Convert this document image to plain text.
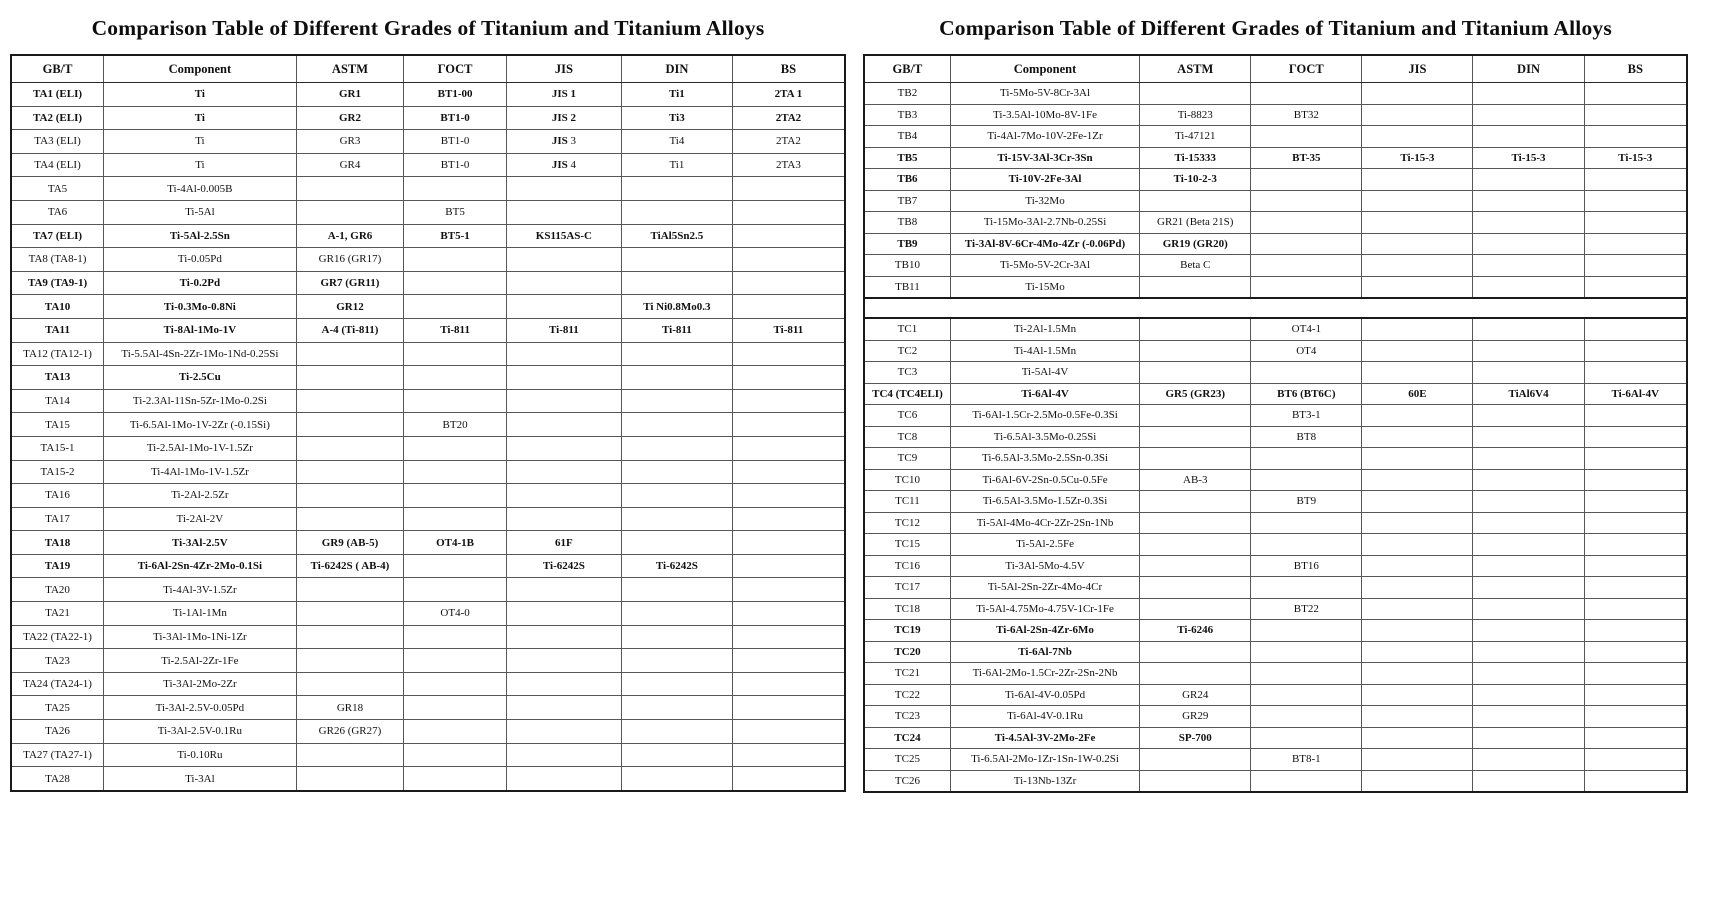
Comparison Table of Different Grades of Titanium and Titanium Alloys
GB/T	Component	ASTM	ГОСТ	JIS	DIN	BS
TA1 (ELI)	Ti	GR1	BT1-00	JIS 1	Ti1	2TA 1
TA2 (ELI)	Ti	GR2	BT1-0	JIS 2	Ti3	2TA2
TA3 (ELI)	Ti	GR3	BT1-0	JIS 3	Ti4	2TA2
TA4 (ELI)	Ti	GR4	BT1-0	JIS 4	Ti1	2TA3
TA5	Ti-4Al-0.005B					
TA6	Ti-5Al		BT5			
TA7 (ELI)	Ti-5Al-2.5Sn	A-1, GR6	BT5-1	KS115AS-C	TiAl5Sn2.5	
TA8 (TA8-1)	Ti-0.05Pd	GR16 (GR17)				
TA9 (TA9-1)	Ti-0.2Pd	GR7 (GR11)				
TA10	Ti-0.3Mo-0.8Ni	GR12			Ti Ni0.8Mo0.3	
TA11	Ti-8Al-1Mo-1V	A-4 (Ti-811)	Ti-811	Ti-811	Ti-811	Ti-811
TA12 (TA12-1)	Ti-5.5Al-4Sn-2Zr-1Mo-1Nd-0.25Si					
TA13	Ti-2.5Cu					
TA14	Ti-2.3Al-11Sn-5Zr-1Mo-0.2Si					
TA15	Ti-6.5Al-1Mo-1V-2Zr (-0.15Si)		BT20			
TA15-1	Ti-2.5Al-1Mo-1V-1.5Zr					
TA15-2	Ti-4Al-1Mo-1V-1.5Zr					
TA16	Ti-2Al-2.5Zr					
TA17	Ti-2Al-2V					
TA18	Ti-3Al-2.5V	GR9 (AB-5)	OT4-1B	61F		
TA19	Ti-6Al-2Sn-4Zr-2Mo-0.1Si	Ti-6242S ( AB-4)		Ti-6242S	Ti-6242S	
TA20	Ti-4Al-3V-1.5Zr					
TA21	Ti-1Al-1Mn		OT4-0			
TA22 (TA22-1)	Ti-3Al-1Mo-1Ni-1Zr					
TA23	Ti-2.5Al-2Zr-1Fe					
TA24 (TA24-1)	Ti-3Al-2Mo-2Zr					
TA25	Ti-3Al-2.5V-0.05Pd	GR18				
TA26	Ti-3Al-2.5V-0.1Ru	GR26 (GR27)				
TA27 (TA27-1)	Ti-0.10Ru					
TA28	Ti-3Al					
Comparison Table of Different Grades of Titanium and Titanium Alloys
GB/T	Component	ASTM	ГОСТ	JIS	DIN	BS
TB2	Ti-5Mo-5V-8Cr-3Al					
TB3	Ti-3.5Al-10Mo-8V-1Fe	Ti-8823	BT32			
TB4	Ti-4Al-7Mo-10V-2Fe-1Zr	Ti-47121				
TB5	Ti-15V-3Al-3Cr-3Sn	Ti-15333	BT-35	Ti-15-3	Ti-15-3	Ti-15-3
TB6	Ti-10V-2Fe-3Al	Ti-10-2-3				
TB7	Ti-32Mo					
TB8	Ti-15Mo-3Al-2.7Nb-0.25Si	GR21 (Beta 21S)				
TB9	Ti-3Al-8V-6Cr-4Mo-4Zr (-0.06Pd)	GR19 (GR20)				
TB10	Ti-5Mo-5V-2Cr-3Al	Beta C				
TB11	Ti-15Mo					

TC1	Ti-2Al-1.5Mn		OT4-1			
TC2	Ti-4Al-1.5Mn		OT4			
TC3	Ti-5Al-4V					
TC4 (TC4ELI)	Ti-6Al-4V	GR5 (GR23)	BT6 (BT6C)	60E	TiAl6V4	Ti-6Al-4V
TC6	Ti-6Al-1.5Cr-2.5Mo-0.5Fe-0.3Si		BT3-1			
TC8	Ti-6.5Al-3.5Mo-0.25Si		BT8			
TC9	Ti-6.5Al-3.5Mo-2.5Sn-0.3Si					
TC10	Ti-6Al-6V-2Sn-0.5Cu-0.5Fe	AB-3				
TC11	Ti-6.5Al-3.5Mo-1.5Zr-0.3Si		BT9			
TC12	Ti-5Al-4Mo-4Cr-2Zr-2Sn-1Nb					
TC15	Ti-5Al-2.5Fe					
TC16	Ti-3Al-5Mo-4.5V		BT16			
TC17	Ti-5Al-2Sn-2Zr-4Mo-4Cr					
TC18	Ti-5Al-4.75Mo-4.75V-1Cr-1Fe		BT22			
TC19	Ti-6Al-2Sn-4Zr-6Mo	Ti-6246				
TC20	Ti-6Al-7Nb					
TC21	Ti-6Al-2Mo-1.5Cr-2Zr-2Sn-2Nb					
TC22	Ti-6Al-4V-0.05Pd	GR24				
TC23	Ti-6Al-4V-0.1Ru	GR29				
TC24	Ti-4.5Al-3V-2Mo-2Fe	SP-700				
TC25	Ti-6.5Al-2Mo-1Zr-1Sn-1W-0.2Si		BT8-1			
TC26	Ti-13Nb-13Zr					
